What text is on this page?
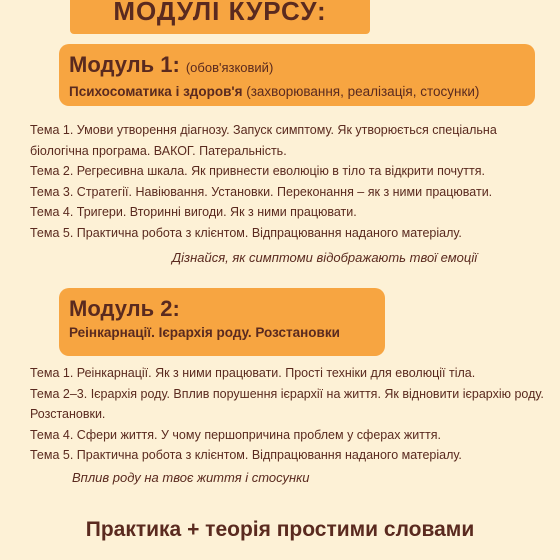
МОДУЛІ КУРСУ:
Модуль 1: (обов'язковий)
Психосоматика і здоров'я (захворювання, реалізація, стосунки)
Тема 1. Умови утворення діагнозу. Запуск симптому. Як утворюється спеціальна біологічна програма. ВАКОГ. Патеральність.
Тема 2. Регресивна шкала. Як привнести еволюцію в тіло та відкрити почуття.
Тема 3. Стратегії. Навіювання. Установки. Переконання – як з ними працювати.
Тема 4. Тригери. Вторинні вигоди. Як з ними працювати.
Тема 5. Практична робота з клієнтом. Відпрацювання наданого матеріалу.
Дізнайся, як симптоми відображають твої емоції
Модуль 2:
Реінкарнації. Ієрархія роду. Розстановки
Тема 1. Реінкарнації. Як з ними працювати. Прості техніки для еволюції тіла.
Тема 2–3. Ієрархія роду. Вплив порушення ієрархії на життя. Як відновити ієрархію роду. Розстановки.
Тема 4. Сфери життя. У чому першопричина проблем у сферах життя.
Тема 5. Практична робота з клієнтом. Відпрацювання наданого матеріалу.
Вплив роду на твоє життя і стосунки
Практика + теорія простими словами
